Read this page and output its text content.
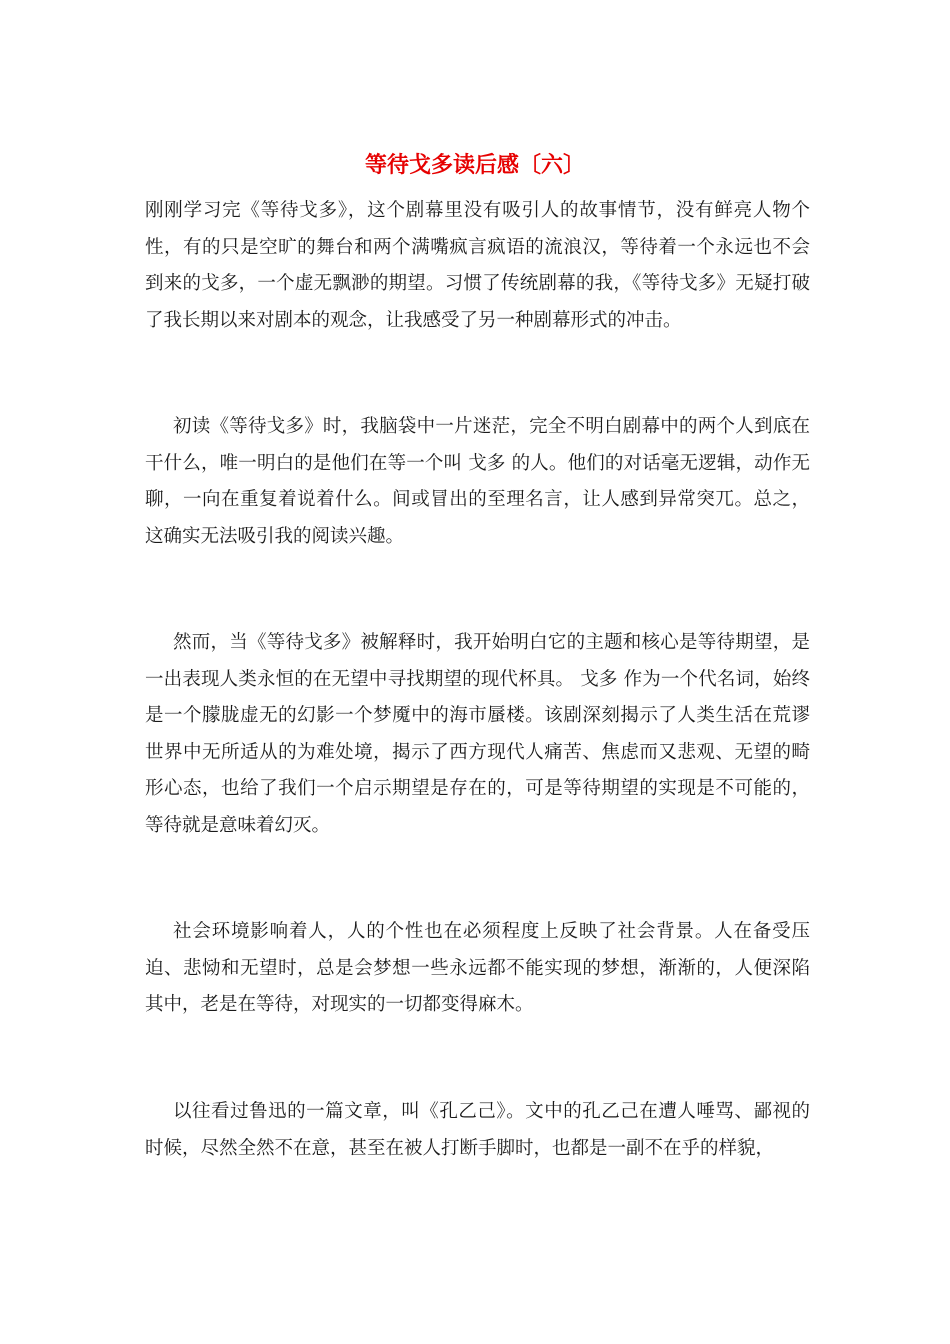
等待戈多读后感〔六〕

刚刚学习完《等待戈多》，这个剧幕里没有吸引人的故事情节，没有鲜亮人物个性，有的只是空旷的舞台和两个满嘴疯言疯语的流浪汉，等待着一个永远也不会到来的戈多，一个虚无飘渺的期望。习惯了传统剧幕的我，《等待戈多》无疑打破了我长期以来对剧本的观念，让我感受了另一种剧幕形式的冲击。

初读《等待戈多》时，我脑袋中一片迷茫，完全不明白剧幕中的两个人到底在干什么，唯一明白的是他们在等一个叫 戈多 的人。他们的对话毫无逻辑，动作无聊，一向在重复着说着什么。间或冒出的至理名言，让人感到异常突兀。总之，这确实无法吸引我的阅读兴趣。

然而，当《等待戈多》被解释时，我开始明白它的主题和核心是等待期望，是一出表现人类永恒的在无望中寻找期望的现代杯具。 戈多 作为一个代名词，始终是一个朦胧虚无的幻影一个梦魇中的海市蜃楼。该剧深刻揭示了人类生活在荒谬世界中无所适从的为难处境，揭示了西方现代人痛苦、焦虑而又悲观、无望的畸形心态，也给了我们一个启示期望是存在的，可是等待期望的实现是不可能的，等待就是意味着幻灭。

社会环境影响着人，人的个性也在必须程度上反映了社会背景。人在备受压迫、悲恸和无望时，总是会梦想一些永远都不能实现的梦想，渐渐的，人便深陷其中，老是在等待，对现实的一切都变得麻木。

以往看过鲁迅的一篇文章，叫《孔乙己》。文中的孔乙己在遭人唾骂、鄙视的时候，尽然全然不在意，甚至在被人打断手脚时，也都是一副不在乎的样貌，
